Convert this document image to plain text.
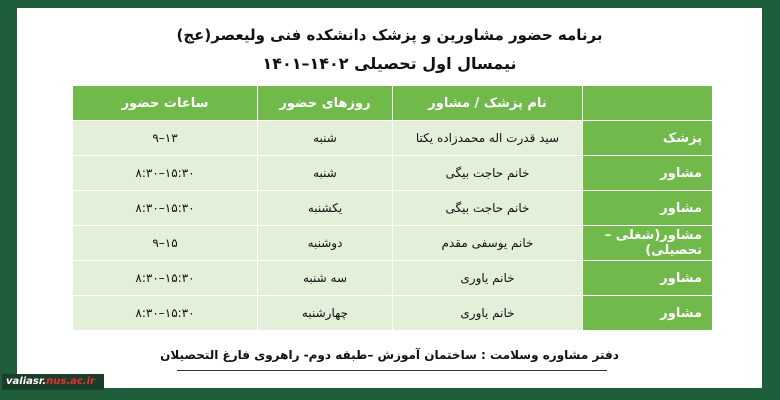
برنامه حضور مشاورین و پزشک دانشکده فنی ولیعصر(عج)
نیمسال اول تحصیلی ۱۴۰۲–۱۴۰۱
	نام پزشک / مشاور	روزهای حضور	ساعات حضور
پزشک	سید قدرت اله محمدزاده یکتا	شنبه	۱۳–۹
مشاور	خانم حاجت بیگی	شنبه	۱۵:۳۰–۸:۳۰
مشاور	خانم حاجت بیگی	یکشنبه	۱۵:۳۰–۸:۳۰
مشاور(شغلی –تحصیلی)	خانم یوسفی مقدم	دوشنبه	۱۵–۹
مشاور	خانم یاوری	سه شنبه	۱۵:۳۰–۸:۳۰
مشاور	خانم یاوری	چهارشنبه	۱۵:۳۰–۸:۳۰
دفتر مشاوره وسلامت : ساختمان آموزش –طبقه دوم- راهروی فارغ التحصیلان
valiasr.nus.ac.ir
